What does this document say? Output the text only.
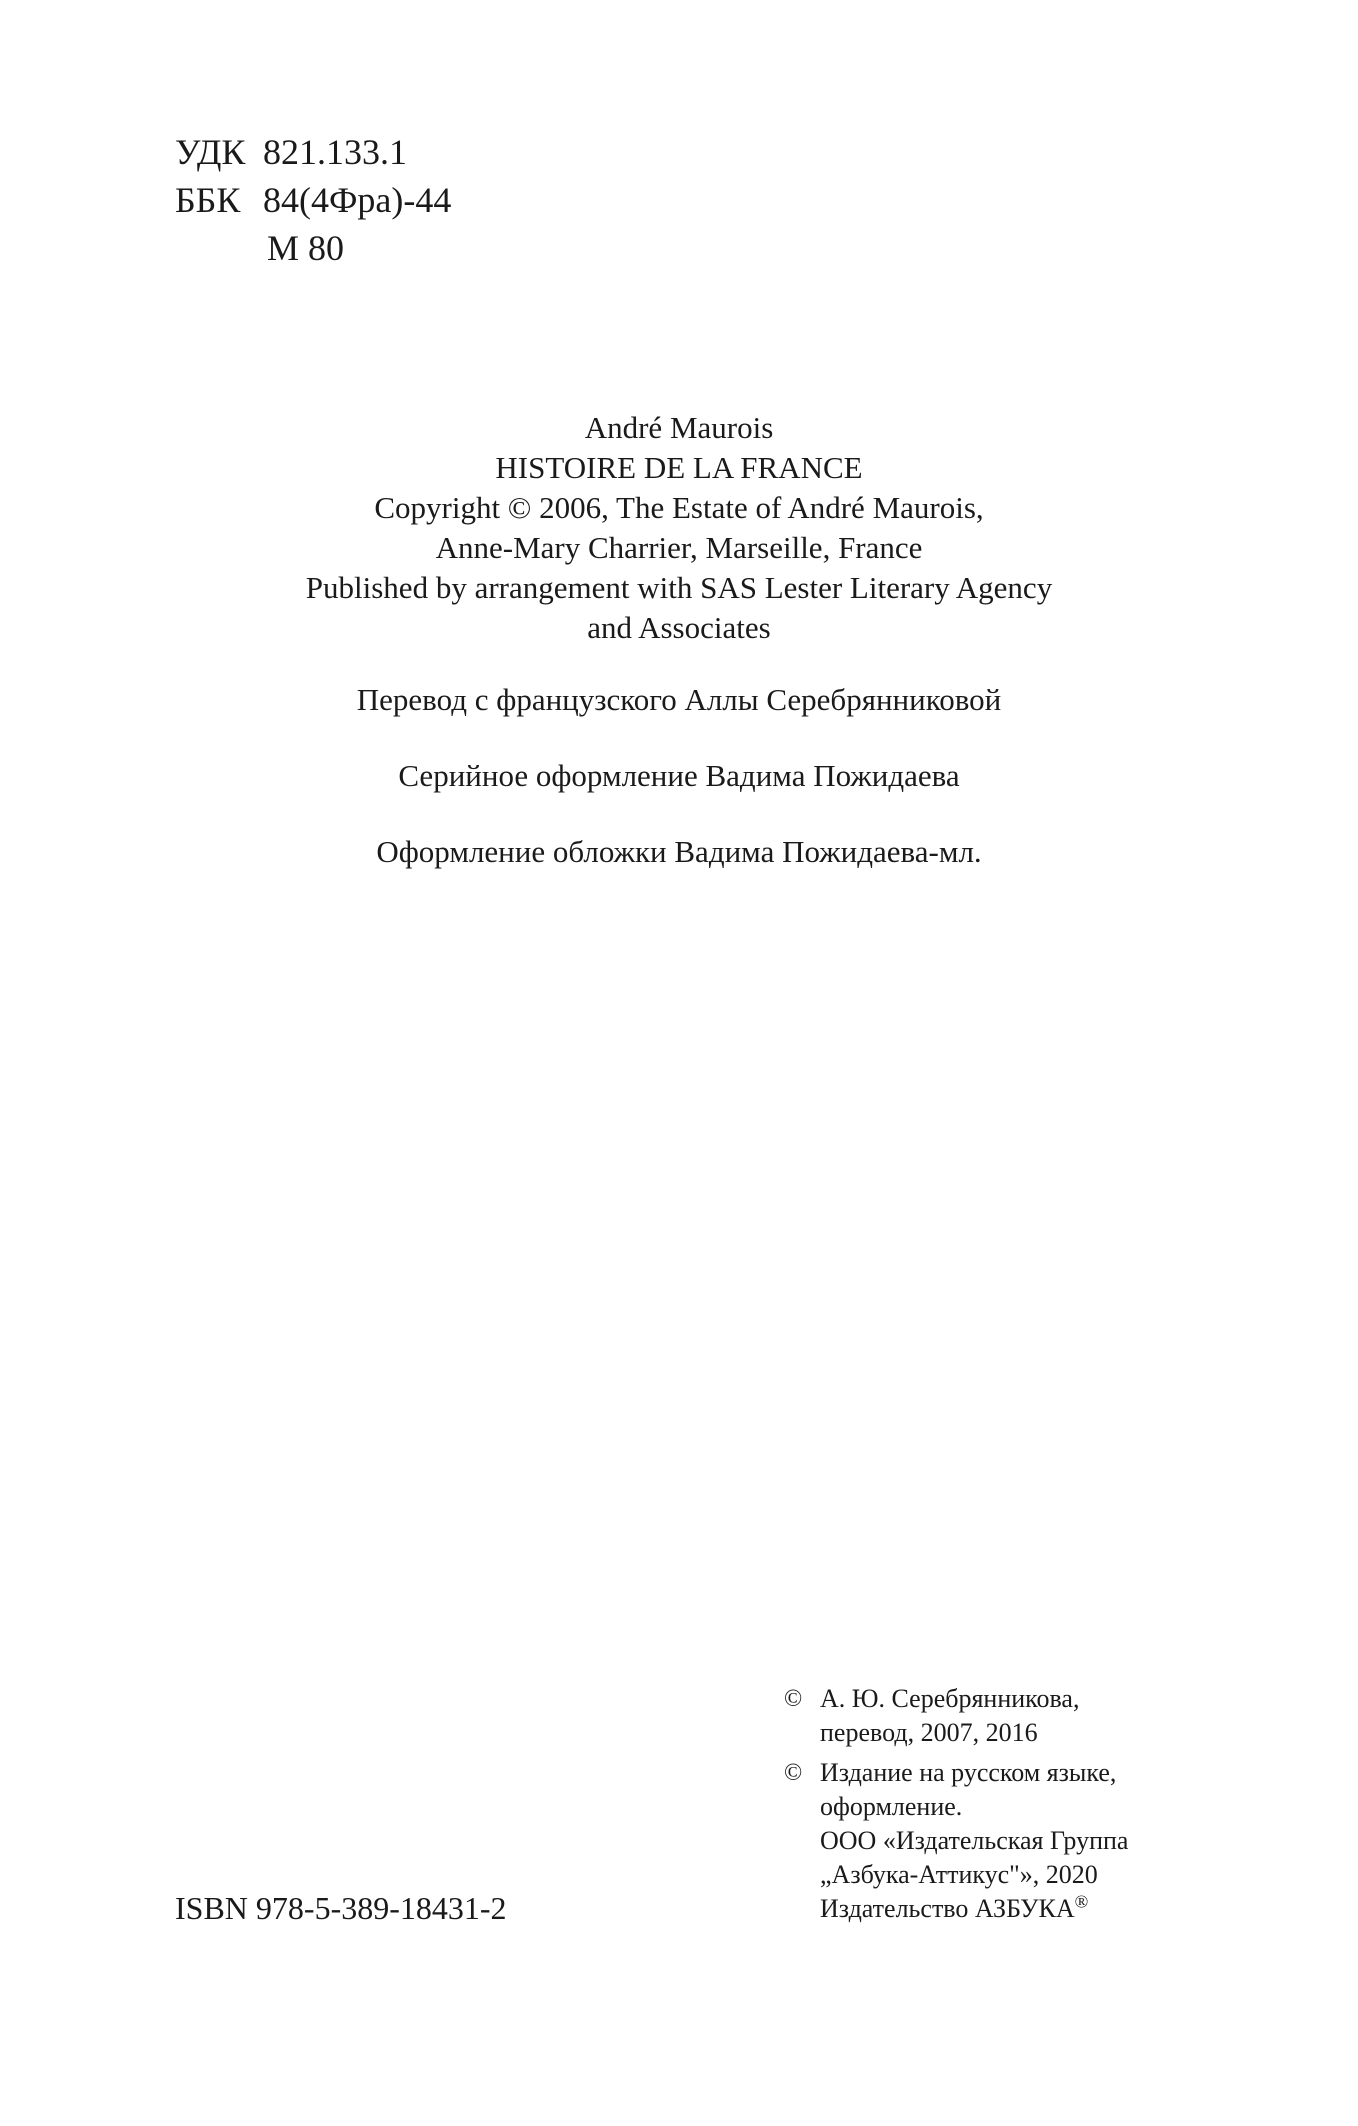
УДК 821.133.1
ББК 84(4Фра)-44
М 80
André Maurois
HISTOIRE DE LA FRANCE
Copyright © 2006, The Estate of André Maurois,
Anne-Mary Charrier, Marseille, France
Published by arrangement with SAS Lester Literary Agency
and Associates
Перевод с французского Аллы Серебрянниковой
Серийное оформление Вадима Пожидаева
Оформление обложки Вадима Пожидаева-мл.
© А. Ю. Серебрянникова,
перевод, 2007, 2016
© Издание на русском языке,
оформление.
ООО «Издательская Группа
„Азбука-Аттикус"», 2020
Издательство АЗБУКА®
ISBN 978-5-389-18431-2
